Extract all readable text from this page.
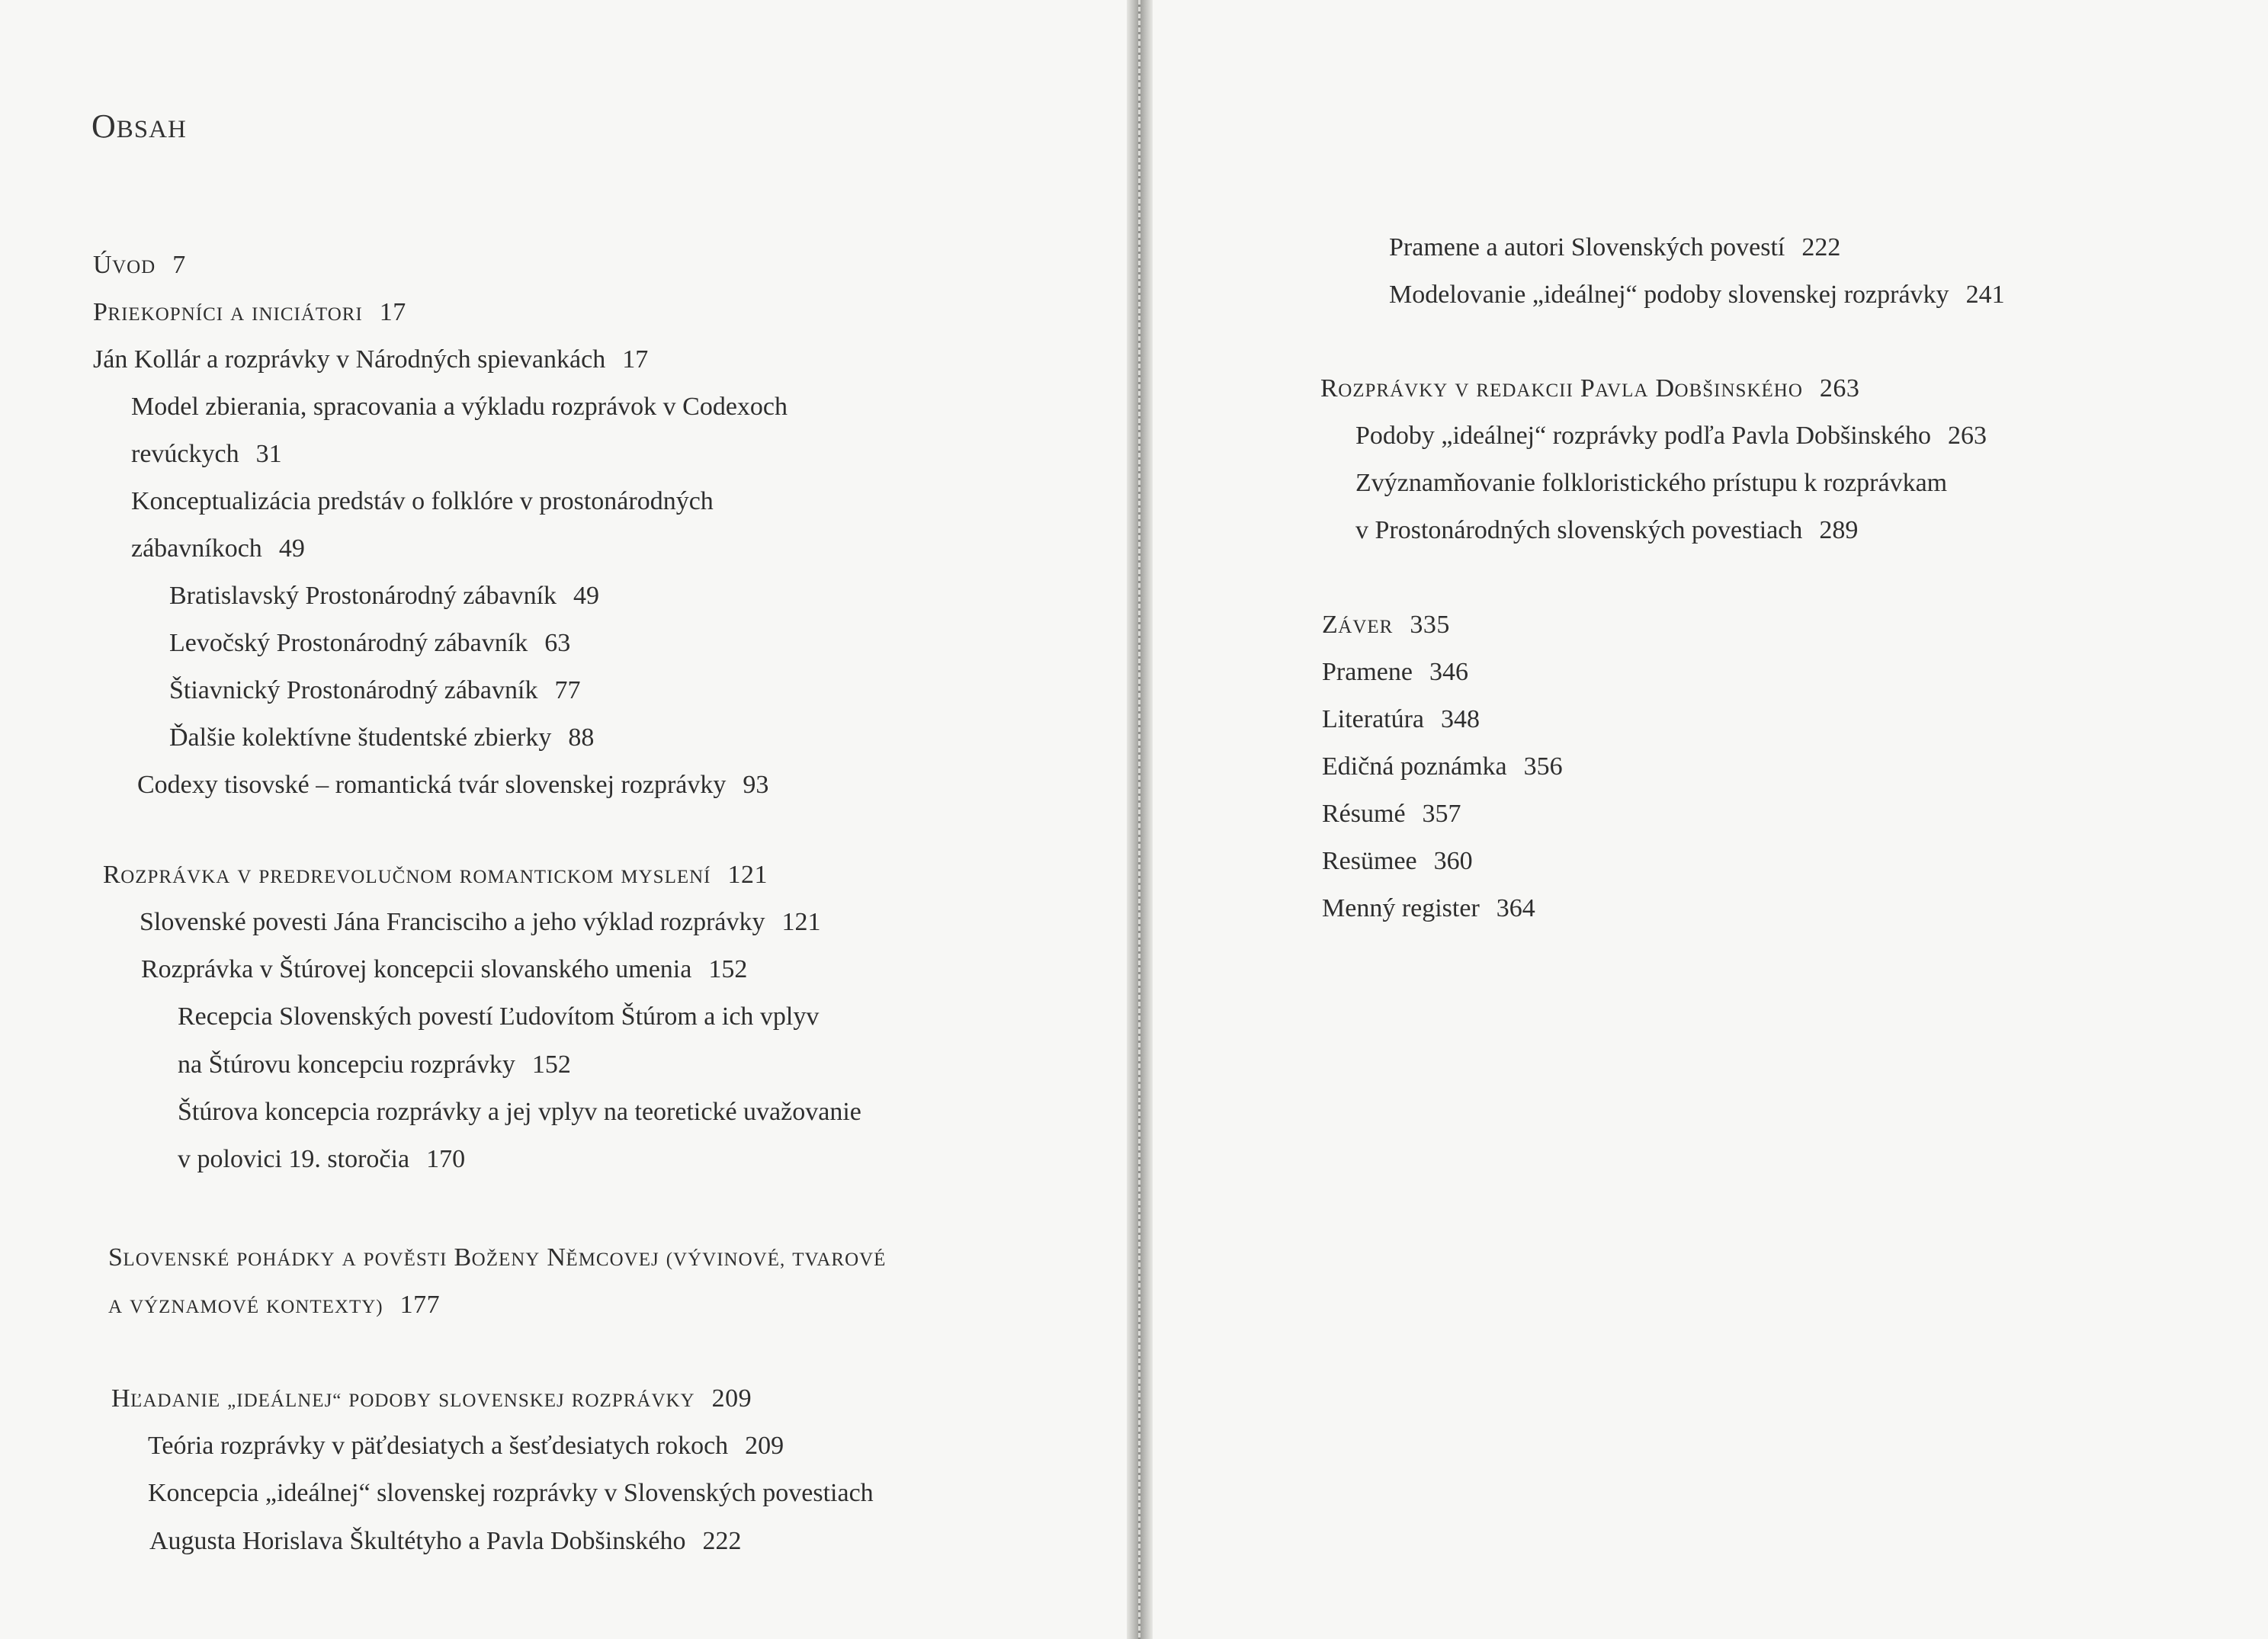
OBSAH
ÚVOD 7
PRIEKOPNÍCI A INICIÁTORI 17
Ján Kollár a rozprávky v Národných spievankách 17
Model zbierania, spracovania a výkladu rozprávok v Codexoch
revúckych 31
Konceptualizácia predstáv o folklóre v prostonárodných
zábavníkoch 49
Bratislavský Prostonárodný zábavník 49
Levočský Prostonárodný zábavník 63
Štiavnický Prostonárodný zábavník 77
Ďalšie kolektívne študentské zbierky 88
Codexy tisovské – romantická tvár slovenskej rozprávky 93
ROZPRÁVKA V PREDREVOLUČNOM ROMANTICKOM MYSLENÍ 121
Slovenské povesti Jána Francisciho a jeho výklad rozprávky 121
Rozprávka v Štúrovej koncepcii slovanského umenia 152
Recepcia Slovenských povestí Ľudovítom Štúrom a ich vplyv
na Štúrovu koncepciu rozprávky 152
Štúrova koncepcia rozprávky a jej vplyv na teoretické uvažovanie
v polovici 19. storočia 170
SLOVENSKÉ POHÁDKY A POVĚSTI BOŽENY NĚMCOVEJ (VÝVINOVÉ, TVAROVÉ
A VÝZNAMOVÉ KONTEXTY) 177
HĽADANIE „IDEÁLNEJ“ PODOBY SLOVENSKEJ ROZPRÁVKY 209
Teória rozprávky v päťdesiatych a šesťdesiatych rokoch 209
Koncepcia „ideálnej“ slovenskej rozprávky v Slovenských povestiach
Augusta Horislava Škultétyho a Pavla Dobšinského 222
Pramene a autori Slovenských povestí 222
Modelovanie „ideálnej“ podoby slovenskej rozprávky 241
ROZPRÁVKY V REDAKCII PAVLA DOBŠINSKÉHO 263
Podoby „ideálnej“ rozprávky podľa Pavla Dobšinského 263
Zvýznamňovanie folkloristického prístupu k rozprávkam
v Prostonárodných slovenských povestiach 289
ZÁVER 335
Pramene 346
Literatúra 348
Edičná poznámka 356
Résumé 357
Resümee 360
Menný register 364
